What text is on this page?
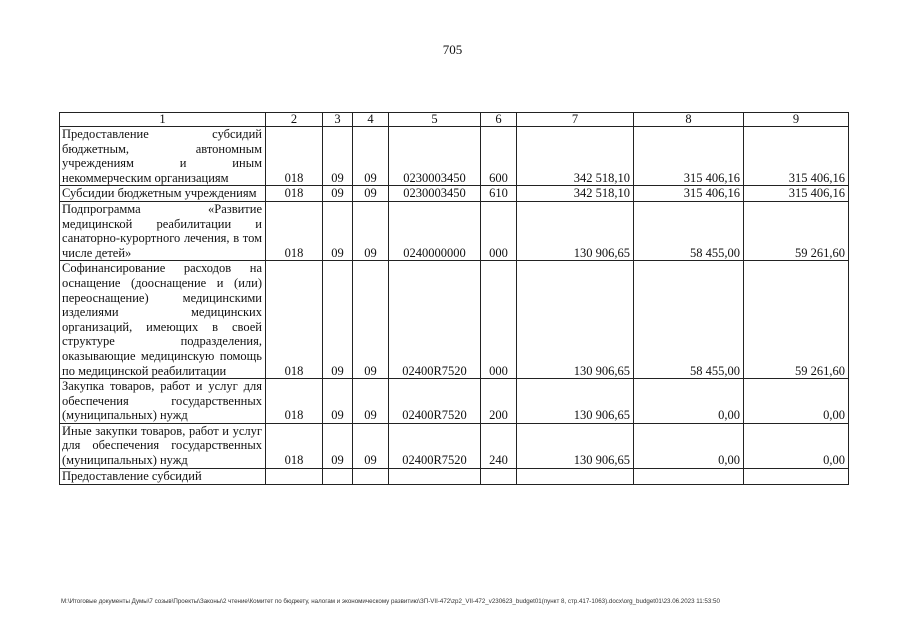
705
1	2	3	4	5	6	7	8	9
Предоставление субсидий бюджетным, автономным учреждениям и иным некоммерческим организациям	018	09	09	0230003450	600	342 518,10	315 406,16	315 406,16
Субсидии бюджетным учреждениям	018	09	09	0230003450	610	342 518,10	315 406,16	315 406,16
Подпрограмма «Развитие медицинской реабилитации и санаторно-курортного лечения, в том числе детей»	018	09	09	0240000000	000	130 906,65	58 455,00	59 261,60
Софинансирование расходов на оснащение (дооснащение и (или) переоснащение) медицинскими изделиями медицинских организаций, имеющих в своей структуре подразделения, оказывающие медицинскую помощь по медицинской реабилитации	018	09	09	02400R7520	000	130 906,65	58 455,00	59 261,60
Закупка товаров, работ и услуг для обеспечения государственных (муниципальных) нужд	018	09	09	02400R7520	200	130 906,65	0,00	0,00
Иные закупки товаров, работ и услуг для обеспечения государственных (муниципальных) нужд	018	09	09	02400R7520	240	130 906,65	0,00	0,00
Предоставление субсидий								
M:\Итоговые документы Думы\7 созыв\Проекты\Законы\2 чтение\Комитет по бюджету, налогам и экономическому развитию\ЗП-VII-472\zp2_VII-472_v230623_budget01(пункт 8, стр.417-1063).docx\org_budget01\23.06.2023 11:53:50
